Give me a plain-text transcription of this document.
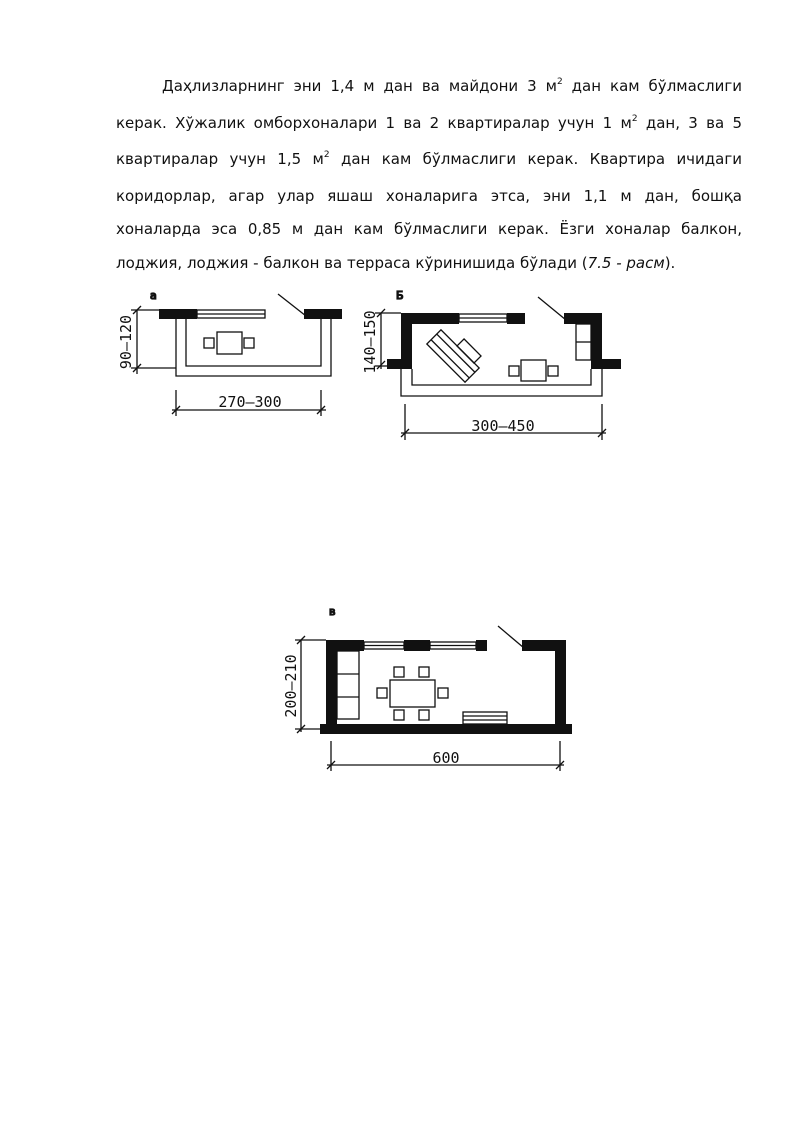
Даҳлизларнинг эни 1,4 м дан ва майдони 3 $м^2$ дан кам бўлмаслиги керак. Хўжалик омборхоналари 1 ва 2 квартиралар учун 1 $м^2$ дан, 3 ва 5 квартиралар учун 1,5 $м^2$ дан кам бўлмаслиги керак. Квартира ичидаги коридорлар, агар улар яшаш хоналарига этса, эни 1,1 м дан, бошқа хоналарда эса 0,85 м дан кам бўлмаслиги керак. Ёзги хоналар балкон, лоджия, лоджия - балкон ва терраса кўринишида бўлади (7.5 - расм).

a
90–120
270–300
Б
140–150
300–450
в
200–210
600
